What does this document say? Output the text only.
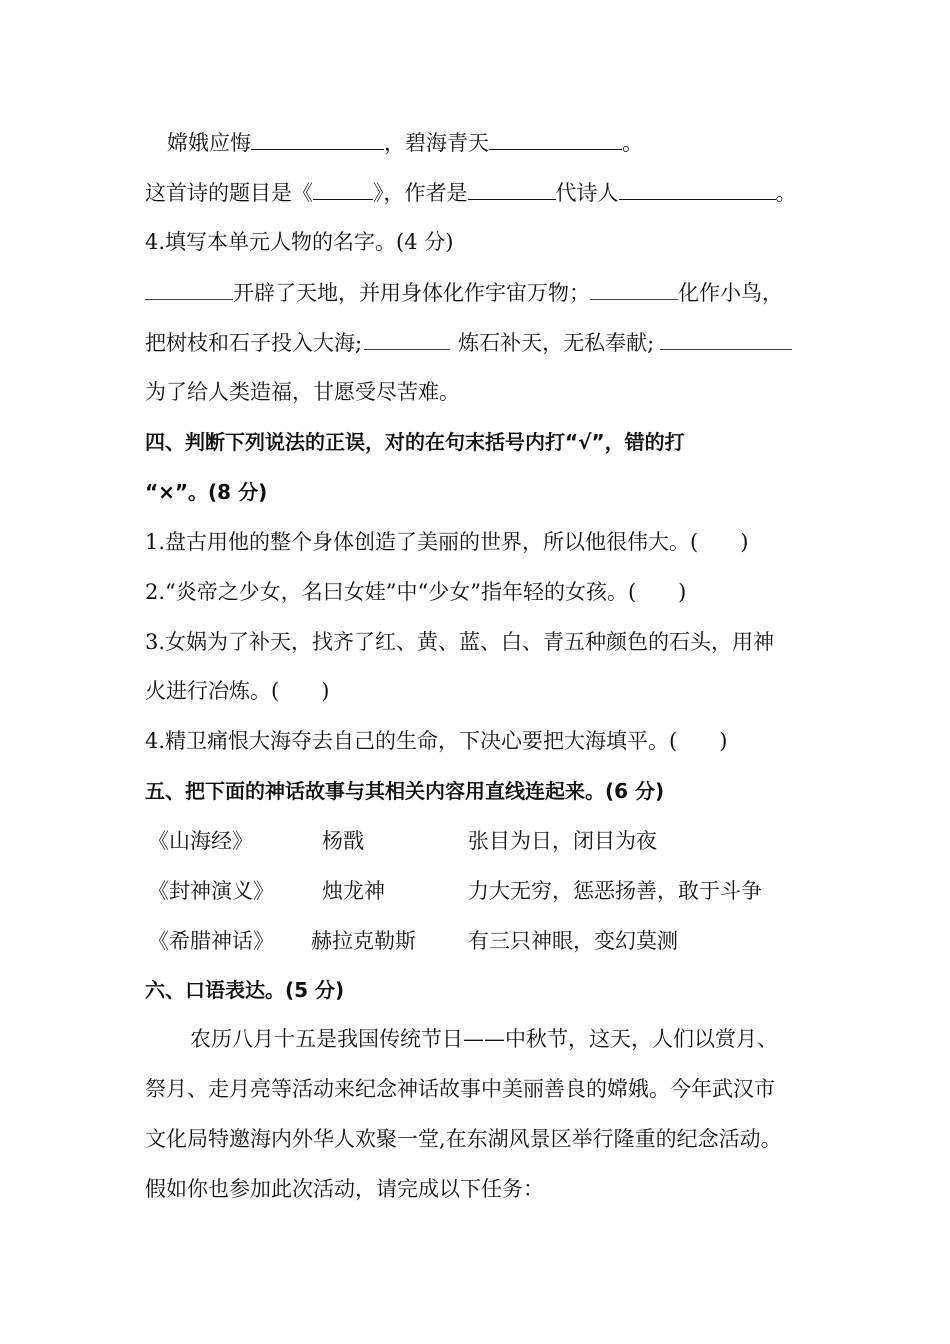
嫦娥应悔	，碧海青天	。
这首诗的题目是《	》，作者是	代诗人	。
4.填写本单元人物的名字。(4 分)
开辟了天地，并用身体化作宇宙万物；	化作小鸟，
把树枝和石子投入大海;	炼石补天，无私奉献;
为了给人类造福，甘愿受尽苦难。
四、判断下列说法的正误，对的在句末括号内打“√”，错的打
“×”。(8 分)
1.盘古用他的整个身体创造了美丽的世界，所以他很伟大。(　　)
2.“炎帝之少女，名曰女娃”中“少女”指年轻的女孩。(　　)
3.女娲为了补天，找齐了红、黄、蓝、白、青五种颜色的石头，用神
火进行冶炼。(　　)
4.精卫痛恨大海夺去自己的生命，下决心要把大海填平。(　　)
五、把下面的神话故事与其相关内容用直线连起来。(6 分)
《山海经》	杨戬	张目为日，闭目为夜
《封神演义》 烛龙神	力大无穷，惩恶扬善，敢于斗争
《希腊神话》 赫拉克勒斯 有三只神眼，变幻莫测
六、口语表达。(5 分)
农历八月十五是我国传统节日——中秋节，这天，人们以赏月、
祭月、走月亮等活动来纪念神话故事中美丽善良的嫦娥。今年武汉市
文化局特邀海内外华人欢聚一堂,在东湖风景区举行隆重的纪念活动。
假如你也参加此次活动，请完成以下任务：
